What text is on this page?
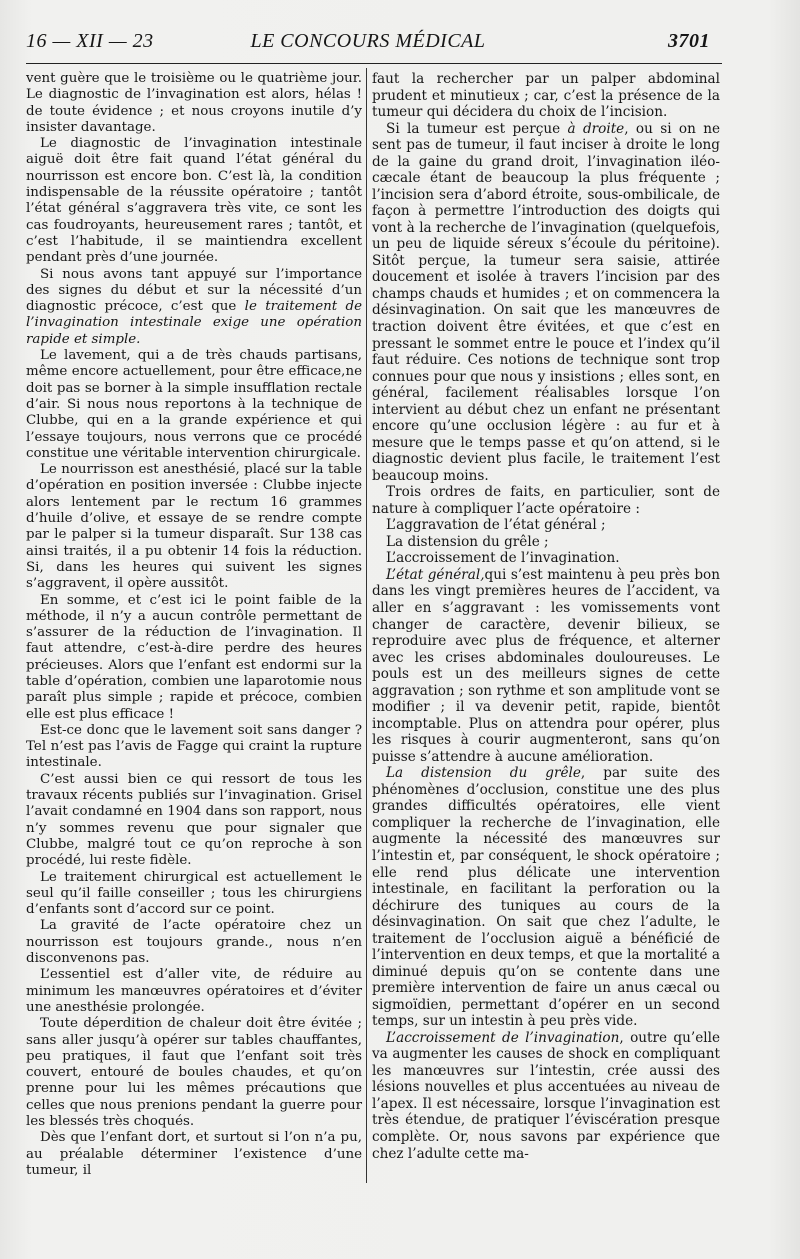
16 — XII — 23	LE CONCOURS MÉDICAL	3701

vent guère que le troisième ou le quatrième jour. Le diagnostic de l’invagination est alors, hélas ! de toute évidence ; et nous croyons inutile d’y insister davantage.

Le diagnostic de l’invagination intestinale aiguë doit être fait quand l’état général du nourrisson est encore bon. C’est là, la condition indispensable de la réussite opératoire ; tantôt l’état général s’aggravera très vite, ce sont les cas foudroyants, heureusement rares ; tantôt, et c’est l’habitude, il se maintiendra excellent pendant près d’une journée.

Si nous avons tant appuyé sur l’importance des signes du début et sur la nécessité d’un diagnostic précoce, c’est que le traitement de l’invagination intestinale exige une opération rapide et simple.

Le lavement, qui a de très chauds partisans, même encore actuellement, pour être efficace,ne doit pas se borner à la simple insufflation rectale d’air. Si nous nous reportons à la technique de Clubbe, qui en a la grande expérience et qui l’essaye toujours, nous verrons que ce procédé constitue une véritable intervention chirurgicale.

Le nourrisson est anesthésié, placé sur la table d’opération en position inversée : Clubbe injecte alors lentement par le rectum 16 grammes d’huile d’olive, et essaye de se rendre compte par le palper si la tumeur disparaît. Sur 138 cas ainsi traités, il a pu obtenir 14 fois la réduction. Si, dans les heures qui suivent les signes s’aggravent, il opère aussitôt.

En somme, et c’est ici le point faible de la méthode, il n’y a aucun contrôle permettant de s’assurer de la réduction de l’invagination. Il faut attendre, c’est-à-dire perdre des heures précieuses. Alors que l’enfant est endormi sur la table d’opération, combien une laparotomie nous paraît plus simple ; rapide et précoce, combien elle est plus efficace !

Est-ce donc que le lavement soit sans danger ? Tel n’est pas l’avis de Fagge qui craint la rupture intestinale.

C’est aussi bien ce qui ressort de tous les travaux récents publiés sur l’invagination. Grisel l’avait condamné en 1904 dans son rapport, nous n’y sommes revenu que pour signaler que Clubbe, malgré tout ce qu’on reproche à son procédé, lui reste fidèle.

Le traitement chirurgical est actuellement le seul qu’il faille conseiller ; tous les chirurgiens d’enfants sont d’accord sur ce point.

La gravité de l’acte opératoire chez un nourrisson est toujours grande., nous n’en disconvenons pas.

L’essentiel est d’aller vite, de réduire au minimum les manœuvres opératoires et d’éviter une anesthésie prolongée.

Toute déperdition de chaleur doit être évitée ; sans aller jusqu’à opérer sur tables chauffantes, peu pratiques, il faut que l’enfant soit très couvert, entouré de boules chaudes, et qu’on prenne pour lui les mêmes précautions que celles que nous prenions pendant la guerre pour les blessés très choqués.

Dès que l’enfant dort, et surtout si l’on n’a pu, au préalable déterminer l’existence d’une tumeur, il

faut la rechercher par un palper abdominal prudent et minutieux ; car, c’est la présence de la tumeur qui décidera du choix de l’incision.

Si la tumeur est perçue à droite, ou si on ne sent pas de tumeur, il faut inciser à droite le long de la gaine du grand droit, l’invagination iléo-cæcale étant de beaucoup la plus fréquente ; l’incision sera d’abord étroite, sous-ombilicale, de façon à permettre l’introduction des doigts qui vont à la recherche de l’invagination (quelquefois, un peu de liquide séreux s’écoule du péritoine). Sitôt perçue, la tumeur sera saisie, attirée doucement et isolée à travers l’incision par des champs chauds et humides ; et on commencera la désinvagination. On sait que les manœuvres de traction doivent être évitées, et que c’est en pressant le sommet entre le pouce et l’index qu’il faut réduire. Ces notions de technique sont trop connues pour que nous y insistions ; elles sont, en général, facilement réalisables lorsque l’on intervient au début chez un enfant ne présentant encore qu’une occlusion légère : au fur et à mesure que le temps passe et qu’on attend, si le diagnostic devient plus facile, le traitement l’est beaucoup moins.

Trois ordres de faits, en particulier, sont de nature à compliquer l’acte opératoire :

L’aggravation de l’état général ;

La distension du grêle ;

L’accroissement de l’invagination.

L’état général,qui s’est maintenu à peu près bon dans les vingt premières heures de l’accident, va aller en s’aggravant : les vomissements vont changer de caractère, devenir bilieux, se reproduire avec plus de fréquence, et alterner avec les crises abdominales douloureuses. Le pouls est un des meilleurs signes de cette aggravation ; son rythme et son amplitude vont se modifier ; il va devenir petit, rapide, bientôt incomptable. Plus on attendra pour opérer, plus les risques à courir augmenteront, sans qu’on puisse s’attendre à aucune amélioration.

La distension du grêle, par suite des phénomènes d’occlusion, constitue une des plus grandes difficultés opératoires, elle vient compliquer la recherche de l’invagination, elle augmente la nécessité des manœuvres sur l’intestin et, par conséquent, le shock opératoire ; elle rend plus délicate une intervention intestinale, en facilitant la perforation ou la déchirure des tuniques au cours de la désinvagination. On sait que chez l’adulte, le traitement de l’occlusion aiguë a bénéficié de l’intervention en deux temps, et que la mortalité a diminué depuis qu’on se contente dans une première intervention de faire un anus cæcal ou sigmoïdien, permettant d’opérer en un second temps, sur un intestin à peu près vide.

L’accroissement de l’invagination, outre qu’elle va augmenter les causes de shock en compliquant les manœuvres sur l’intestin, crée aussi des lésions nouvelles et plus accentuées au niveau de l’apex. Il est nécessaire, lorsque l’invagination est très étendue, de pratiquer l’éviscération presque complète. Or, nous savons par expérience que chez l’adulte cette ma-
